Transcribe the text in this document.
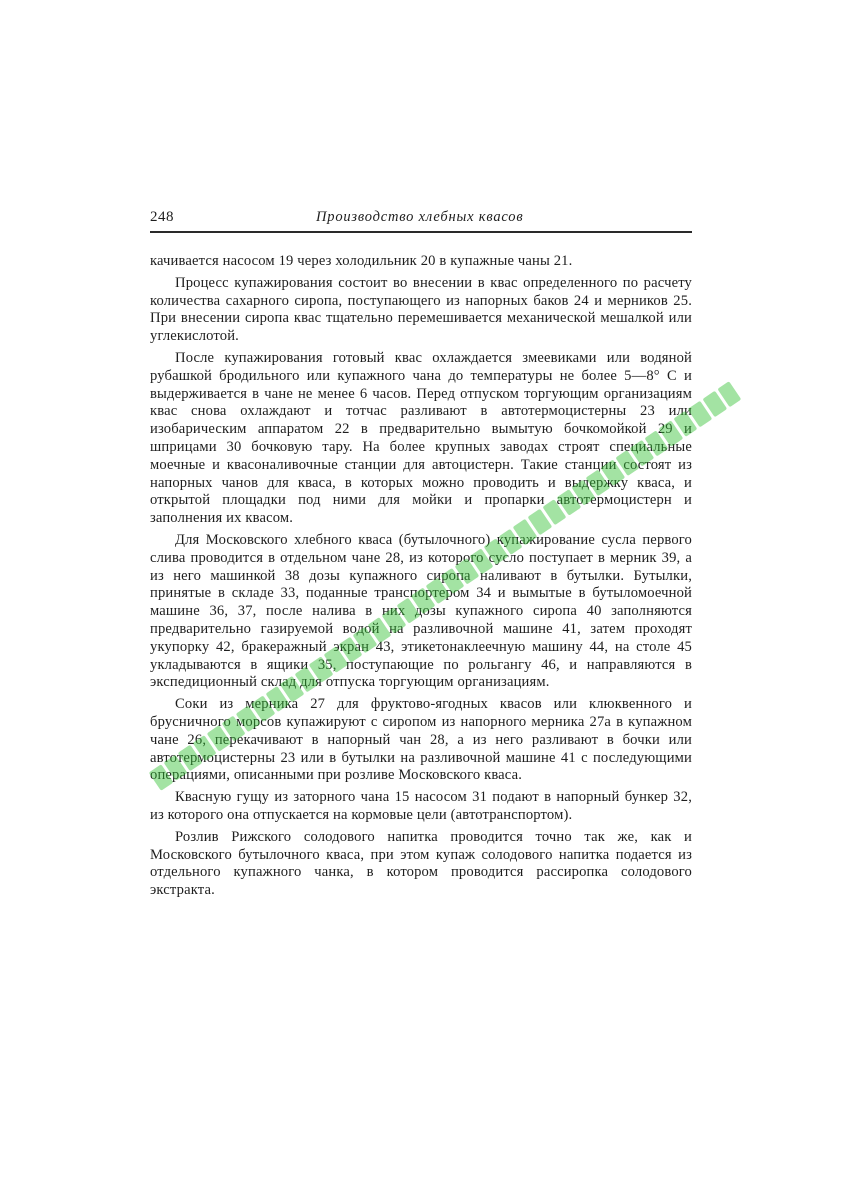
248	Производство хлебных квасов

качивается насосом 19 через холодильник 20 в купажные чаны 21.

Процесс купажирования состоит во внесении в квас определенного по расчету количества сахарного сиропа, поступающего из напорных баков 24 и мерников 25. При внесении сиропа квас тщательно перемешивается механической мешалкой или углекислотой.

После купажирования готовый квас охлаждается змеевиками или водяной рубашкой бродильного или купажного чана до температуры не более 5—8° С и выдерживается в чане не менее 6 часов. Перед отпуском торгующим организациям квас снова охлаждают и тотчас разливают в автотермоцистерны 23 или изобарическим аппаратом 22 в предварительно вымытую бочкомойкой 29 и шприцами 30 бочковую тару. На более крупных заводах строят специальные моечные и квасоналивочные станции для автоцистерн. Такие станции состоят из напорных чанов для кваса, в которых можно проводить и выдержку кваса, и открытой площадки под ними для мойки и пропарки автотермоцистерн и заполнения их квасом.

Для Московского хлебного кваса (бутылочного) купажирование сусла первого слива проводится в отдельном чане 28, из которого сусло поступает в мерник 39, а из него машинкой 38 дозы купажного сиропа наливают в бутылки. Бутылки, принятые в складе 33, поданные транспортером 34 и вымытые в бутыломоечной машине 36, 37, после налива в них дозы купажного сиропа 40 заполняются предварительно газируемой водой на разливочной машине 41, затем проходят укупорку 42, бракеражный экран 43, этикетонаклеечную машину 44, на столе 45 укладываются в ящики 35, поступающие по рольгангу 46, и направляются в экспедиционный склад для отпуска торгующим организациям.

Соки из мерника 27 для фруктово-ягодных квасов или клюквенного и брусничного морсов купажируют с сиропом из напорного мерника 27а в купажном чане 26, перекачивают в напорный чан 28, а из него разливают в бочки или автотермоцистерны 23 или в бутылки на разливочной машине 41 с последующими операциями, описанными при розливе Московского кваса.

Квасную гущу из заторного чана 15 насосом 31 подают в напорный бункер 32, из которого она отпускается на кормовые цели (автотранспортом).

Розлив Рижского солодового напитка проводится точно так же, как и Московского бутылочного кваса, при этом купаж солодового напитка подается из отдельного купажного чанка, в котором проводится рассиропка солодового экстракта.
